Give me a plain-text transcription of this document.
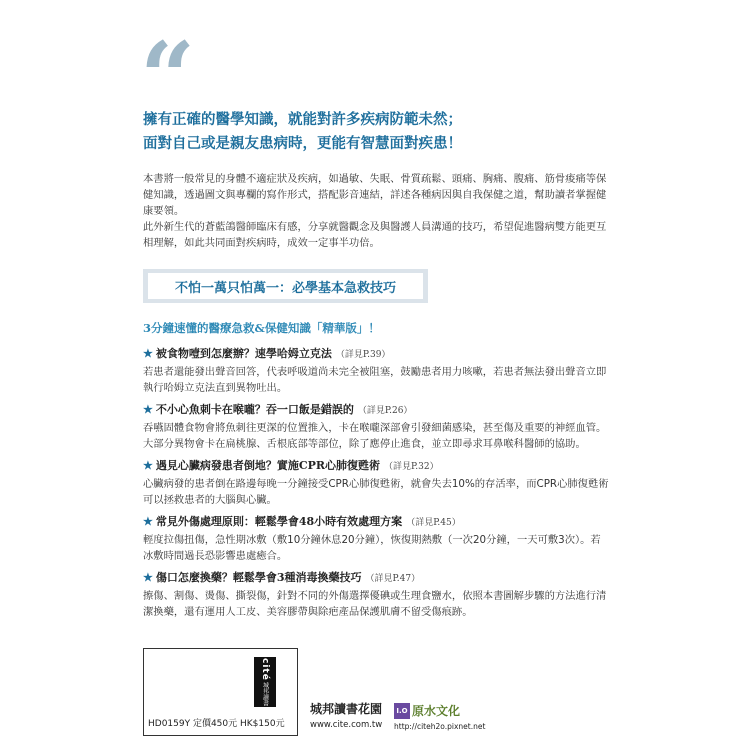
“
擁有正確的醫學知識，就能對許多疾病防範未然；
面對自己或是親友患病時，更能有智慧面對疾患！

本書將一般常見的身體不適症狀及疾病，如過敏、失眠、骨質疏鬆、頭痛、胸痛、腹痛、筋骨痠痛等保健知識，透過圖文與專欄的寫作形式，搭配影音連結，詳述各種病因與自我保健之道，幫助讀者掌握健康要領。

此外新生代的蒼藍鴿醫師臨床有感，分享就醫觀念及與醫護人員溝通的技巧，希望促進醫病雙方能更互相理解，如此共同面對疾病時，成效一定事半功倍。

不怕一萬只怕萬一：必學基本急救技巧
3分鐘速懂的醫療急救&保健知識「精華版」！
★ 被食物噎到怎麼辦？速學哈姆立克法 （詳見P.39）
若患者還能發出聲音回答，代表呼吸道尚未完全被阻塞，鼓勵患者用力咳嗽，若患者無法發出聲音立即執行哈姆立克法直到異物吐出。
★ 不小心魚刺卡在喉嚨？吞一口飯是錯誤的 （詳見P.26）
吞嚥固體食物會將魚刺往更深的位置推入，卡在喉嚨深部會引發細菌感染，甚至傷及重要的神經血管。大部分異物會卡在扁桃腺、舌根底部等部位，除了應停止進食，並立即尋求耳鼻喉科醫師的協助。
★ 遇見心臟病發患者倒地？實施CPR心肺復甦術 （詳見P.32）
心臟病發的患者倒在路邊每晚一分鐘接受CPR心肺復甦術，就會失去10%的存活率，而CPR心肺復甦術可以拯救患者的大腦與心臟。
★ 常見外傷處理原則：輕鬆學會48小時有效處理方案 （詳見P.45）
輕度拉傷扭傷，急性期冰敷（敷10分鐘休息20分鐘），恢復期熱敷（一次20分鐘，一天可敷3次）。若冰敷時間過長恐影響患處癒合。
★ 傷口怎麼換藥？輕鬆學會3種消毒換藥技巧 （詳見P.47）
擦傷、割傷、燙傷、撕裂傷，針對不同的外傷選擇優碘或生理食鹽水，依照本書圖解步驟的方法進行清潔換藥，還有運用人工皮、美容膠帶與除疤產品保護肌膚不留受傷痕跡。
cité
城邦讀書
HD0159Y 定價450元 HK$150元
城邦讀書花園
www.cite.com.tw
I.O 原水文化
http://citeh2o.pixnet.net
